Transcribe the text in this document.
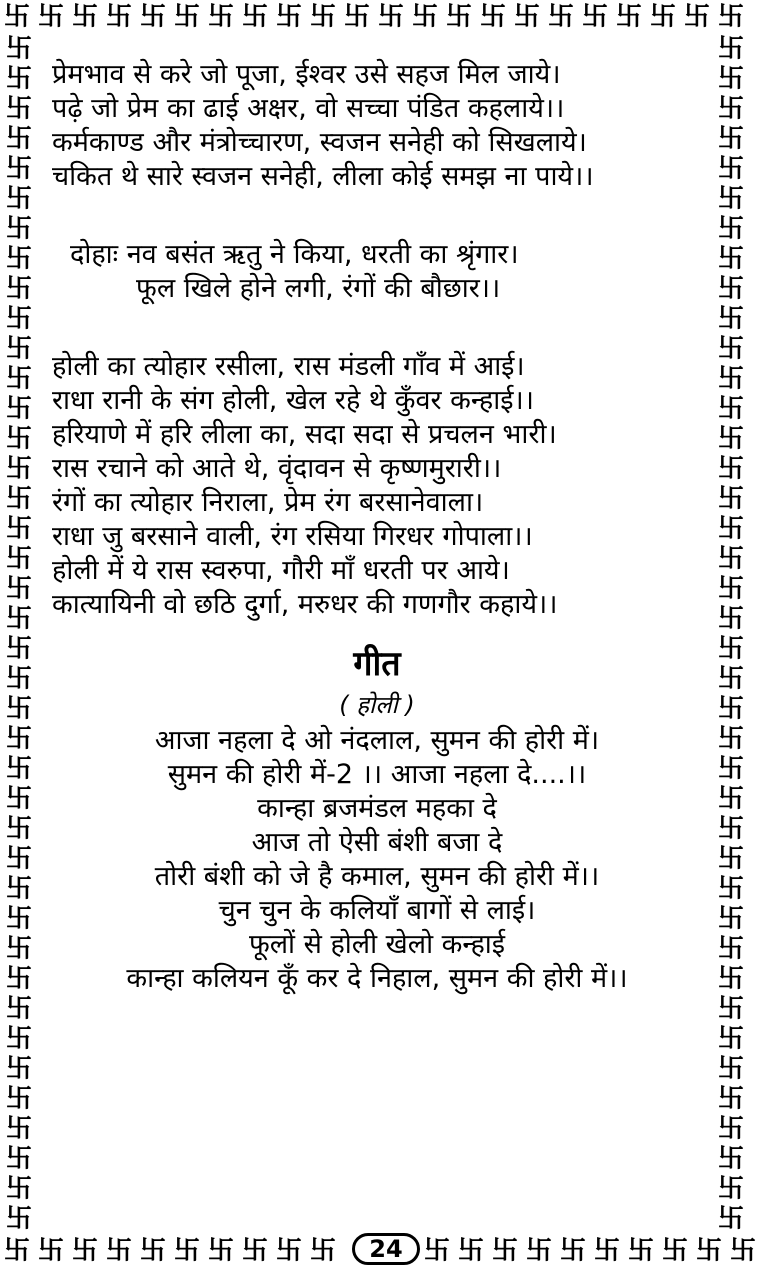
卐 卐 卐 卐 卐 卐 卐 卐 卐 卐 卐 卐 卐 卐 卐 卐 卐 卐 卐 卐 卐 卐
卐
卐
卐
卐
卐
卐
卐
卐
卐
卐
卐
卐
卐
卐
卐
卐
卐
卐
卐
卐
卐
卐
卐
卐
卐
卐
卐
卐
卐
卐
卐
卐
卐
卐
卐
卐
卐
卐
卐
卐
卐
卐
卐
卐
卐
卐
卐
卐
卐
卐
卐
卐
卐
卐
卐
卐
卐
卐
卐
卐
卐
卐
卐
卐
卐
卐
卐
卐
卐
卐
卐
卐
卐
卐
卐
卐
卐
卐
卐
卐
卐 卐 卐 卐 卐 卐 卐 卐 卐 卐	卐 卐 卐 卐 卐 卐 卐 卐 卐 卐
24
प्रेमभाव से करे जो पूजा, ईश्वर उसे सहज मिल जाये।
पढ़े जो प्रेम का ढाई अक्षर, वो सच्चा पंडित कहलाये।।
कर्मकाण्ड और मंत्रोच्चारण, स्वजन सनेही को सिखलाये।
चकित थे सारे स्वजन सनेही, लीला कोई समझ ना पाये।।
दोहाः नव बसंत ऋतु ने किया, धरती का श्रृंगार।
फूल खिले होने लगी, रंगों की बौछार।।
होली का त्योहार रसीला, रास मंडली गाँव में आई।
राधा रानी के संग होली, खेल रहे थे कुँवर कन्हाई।।
हरियाणे में हरि लीला का, सदा सदा से प्रचलन भारी।
रास रचाने को आते थे, वृंदावन से कृष्णमुरारी।।
रंगों का त्योहार निराला, प्रेम रंग बरसानेवाला।
राधा जु बरसाने वाली, रंग रसिया गिरधर गोपाला।।
होली में ये रास स्वरुपा, गौरी माँ धरती पर आये।
कात्यायिनी वो छठि दुर्गा, मरुधर की गणगौर कहाये।।
गीत
( होली )
आजा नहला दे ओ नंदलाल, सुमन की होरी में।
सुमन की होरी में-2 ।। आजा नहला दे....।।
कान्हा ब्रजमंडल महका दे
आज तो ऐसी बंशी बजा दे
तोरी बंशी को जे है कमाल, सुमन की होरी में।।
चुन चुन के कलियाँ बागों से लाई।
फूलों से होली खेलो कन्हाई
कान्हा कलियन कूँ कर दे निहाल, सुमन की होरी में।।
